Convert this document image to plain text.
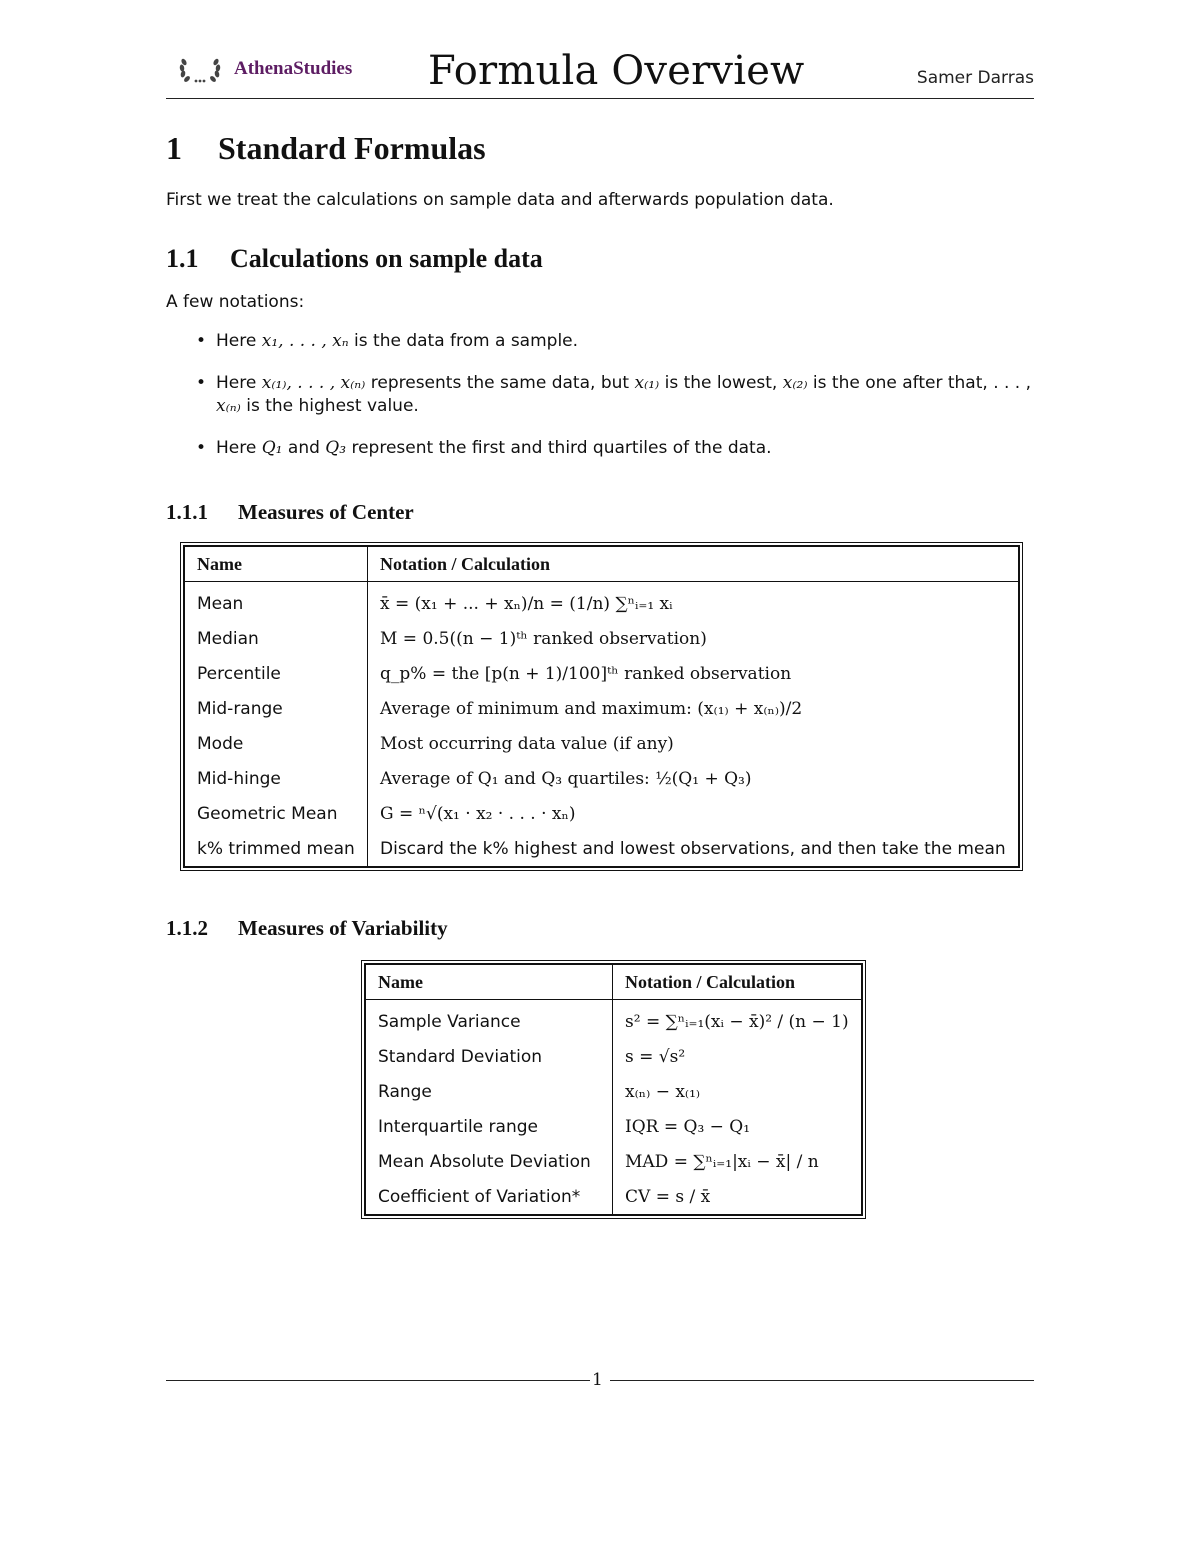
AthenaStudies Formula Overview	Samer Darras
1 Standard Formulas
First we treat the calculations on sample data and afterwards population data.
1.1 Calculations on sample data
A few notations:
• Here x₁, . . . , xₙ is the data from a sample.
• Here x₍₁₎, . . . , x₍ₙ₎ represents the same data, but x₍₁₎ is the lowest, x₍₂₎ is the one after that, . . . ,
x₍ₙ₎ is the highest value.
• Here Q₁ and Q₃ represent the first and third quartiles of the data.
1.1.1 Measures of Center
Name	Notation / Calculation
Mean	x̄ = (x₁ + ... + xₙ)/n = (1/n) ∑ⁿᵢ₌₁ xᵢ
Median	M = 0.5((n − 1)ᵗʰ ranked observation)
Percentile	q_p% = the [p(n + 1)/100]ᵗʰ ranked observation
Mid-range	Average of minimum and maximum: (x₍₁₎ + x₍ₙ₎)/2
Mode	Most occurring data value (if any)
Mid-hinge	Average of Q₁ and Q₃ quartiles: ½(Q₁ + Q₃)
Geometric Mean	G = ⁿ√(x₁ · x₂ · . . . · xₙ)
k% trimmed mean	Discard the k% highest and lowest observations, and then take the mean
1.1.2 Measures of Variability
Name	Notation / Calculation
Sample Variance	s² = ∑ⁿᵢ₌₁(xᵢ − x̄)² / (n − 1)
Standard Deviation	s = √s²
Range	x₍ₙ₎ − x₍₁₎
Interquartile range	IQR = Q₃ − Q₁
Mean Absolute Deviation	MAD = ∑ⁿᵢ₌₁|xᵢ − x̄| / n
Coefficient of Variation*	CV = s / x̄
1
